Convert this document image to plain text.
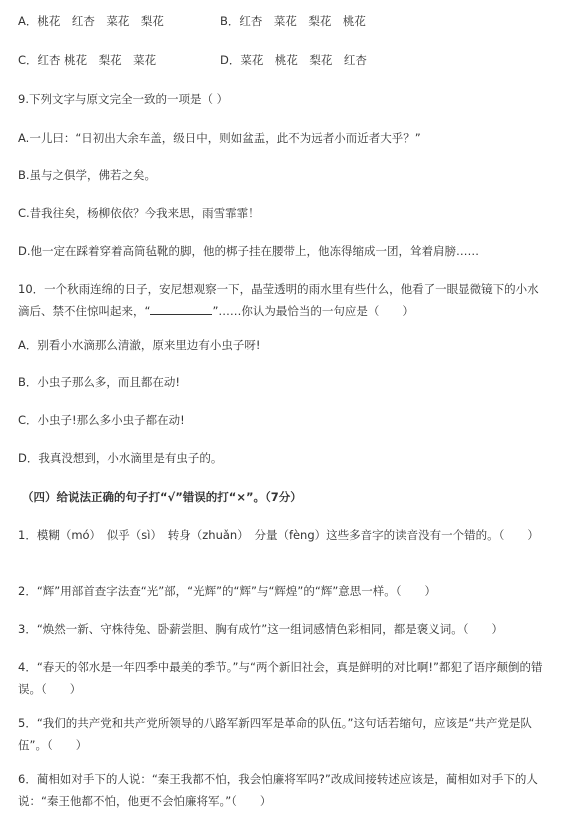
A．桃花　红杏　菜花　梨花	B．红杏　菜花　梨花　桃花
C．红杏 桃花　梨花　菜花	D．菜花　桃花　梨花　红杏
9.下列文字与原文完全一致的一项是（ ）
A.一儿曰：“日初出大余车盖，级日中，则如盆盂，此不为远者小而近者大乎？”
B.虽与之俱学，佛若之矣。
C.昔我往矣，杨柳依依？今我来思，雨雪霏霏！
D.他一定在踩着穿着高筒毡靴的脚，他的梆子挂在腰带上，他冻得缩成一团，耸着肩膀……
10．一个秋雨连绵的日子，安尼想观察一下，晶莹透明的雨水里有些什么，他看了一眼显微镜下的小水滴后、禁不住惊叫起来，“	”……你认为最恰当的一句应是（　　）
A．别看小水滴那么清澈，原来里边有小虫子呀!
B．小虫子那么多，而且都在动!
C．小虫子!那么多小虫子都在动!
D．我真没想到，小水滴里是有虫子的。
（四）给说法正确的句子打“√”错误的打“×”。（7分）
1．模糊（mó）　似乎（sì）　转身（zhuǎn）　分量（fèng）这些多音字的读音没有一个错的。（　　）
2．“辉”用部首查字法查“光”部，“光辉”的“辉”与“辉煌”的“辉”意思一样。（　　）
3．“焕然一新、守株待兔、卧薪尝胆、胸有成竹”这一组词感情色彩相同，都是褒义词。（　　）
4．“春天的邻水是一年四季中最美的季节。”与“两个新旧社会，真是鲜明的对比啊!”都犯了语序颠倒的错误。（　　）
5．“我们的共产党和共产党所领导的八路军新四军是革命的队伍。”这句话若缩句，应该是“共产党是队伍”。（　　）
6．蔺相如对手下的人说：“秦王我都不怕，我会怕廉将军吗?”改成间接转述应该是，蔺相如对手下的人说：“秦王他都不怕，他更不会怕廉将军。”（　　）
